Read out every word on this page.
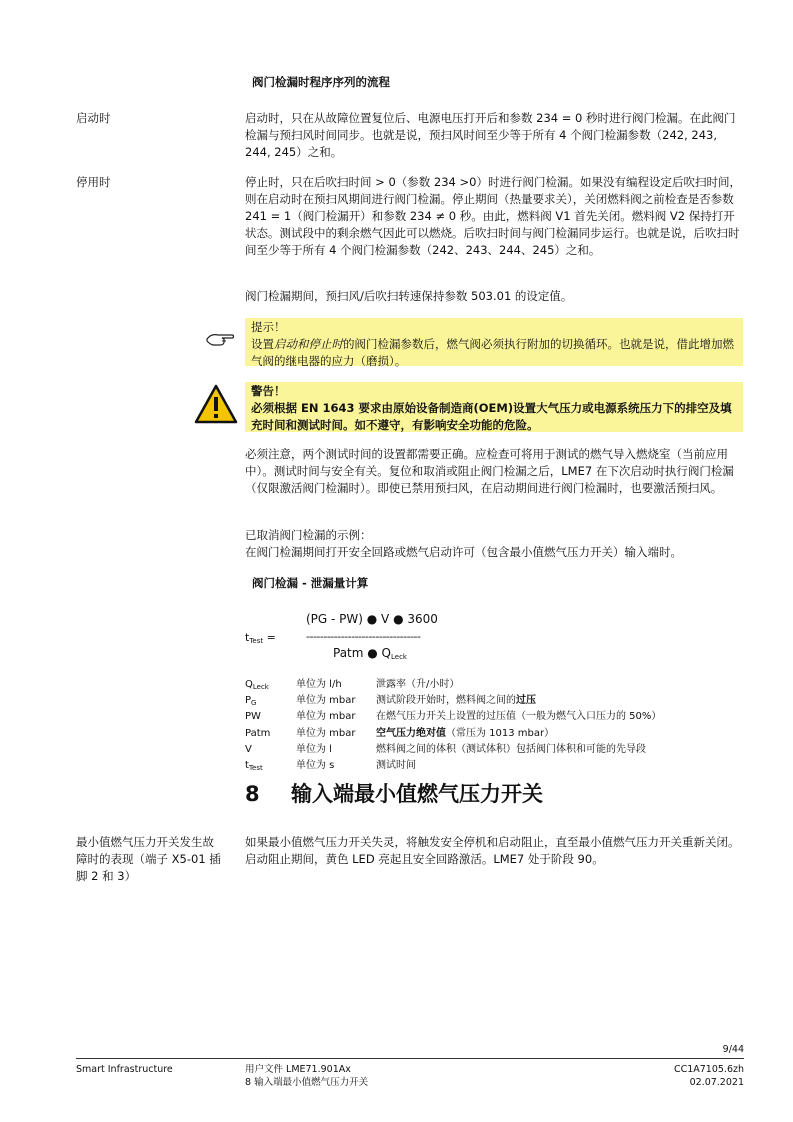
阀门检漏时程序序列的流程
启动时	启动时，只在从故障位置复位后、电源电压打开后和参数 234 = 0 秒时进行阀门检漏。在此阀门检漏与预扫风时间同步。也就是说，预扫风时间至少等于所有 4 个阀门检漏参数（242, 243, 244, 245）之和。
停用时	停止时，只在后吹扫时间 > 0（参数 234 >0）时进行阀门检漏。如果没有编程设定后吹扫时间，则在启动时在预扫风期间进行阀门检漏。停止期间（热量要求关），关闭燃料阀之前检查是否参数 241 = 1（阀门检漏开）和参数 234 ≠ 0 秒。由此，燃料阀 V1 首先关闭。燃料阀 V2 保持打开状态。测试段中的剩余燃气因此可以燃烧。后吹扫时间与阀门检漏同步运行。也就是说，后吹扫时间至少等于所有 4 个阀门检漏参数（242、243、244、245）之和。
阀门检漏期间，预扫风/后吹扫转速保持参数 503.01 的设定值。
提示！
设置启动和停止时的阀门检漏参数后，燃气阀必须执行附加的切换循环。也就是说，借此增加燃气阀的继电器的应力（磨损）。
警告！
必须根据 EN 1643 要求由原始设备制造商(OEM)设置大气压力或电源系统压力下的排空及填充时间和测试时间。如不遵守，有影响安全功能的危险。
必须注意，两个测试时间的设置都需要正确。应检查可将用于测试的燃气导入燃烧室（当前应用中）。测试时间与安全有关。复位和取消或阻止阀门检漏之后，LME7 在下次启动时执行阀门检漏（仅限激活阀门检漏时）。即使已禁用预扫风，在启动期间进行阀门检漏时，也要激活预扫风。
已取消阀门检漏的示例：
在阀门检漏期间打开安全回路或燃气启动许可（包含最小值燃气压力开关）输入端时。
阀门检漏 - 泄漏量计算
(PG - PW) ● V ● 3600
$t_{Test}$ =	---------------------------------
Patm ● $Q_{Leck}$
$Q_{Leck}$	单位为 l/h	泄露率（升/小时）
$P_G$	单位为 mbar	测试阶段开始时，燃料阀之间的过压
PW	单位为 mbar	在燃气压力开关上设置的过压值（一般为燃气入口压力的 50%）
Patm	单位为 mbar	空气压力绝对值（常压为 1013 mbar）
V	单位为 l	燃料阀之间的体积（测试体积）包括阀门体积和可能的先导段
$t_{Test}$	单位为 s	测试时间
8 输入端最小值燃气压力开关
最小值燃气压力开关发生故障时的表现（端子 X5-01 插脚 2 和 3）
如果最小值燃气压力开关失灵，将触发安全停机和启动阻止，直至最小值燃气压力开关重新关闭。启动阻止期间，黄色 LED 亮起且安全回路激活。LME7 处于阶段 90。
9/44
Smart Infrastructure	用户文件 LME71.901Ax
8 输入端最小值燃气压力开关
CC1A7105.6zh
02.07.2021
